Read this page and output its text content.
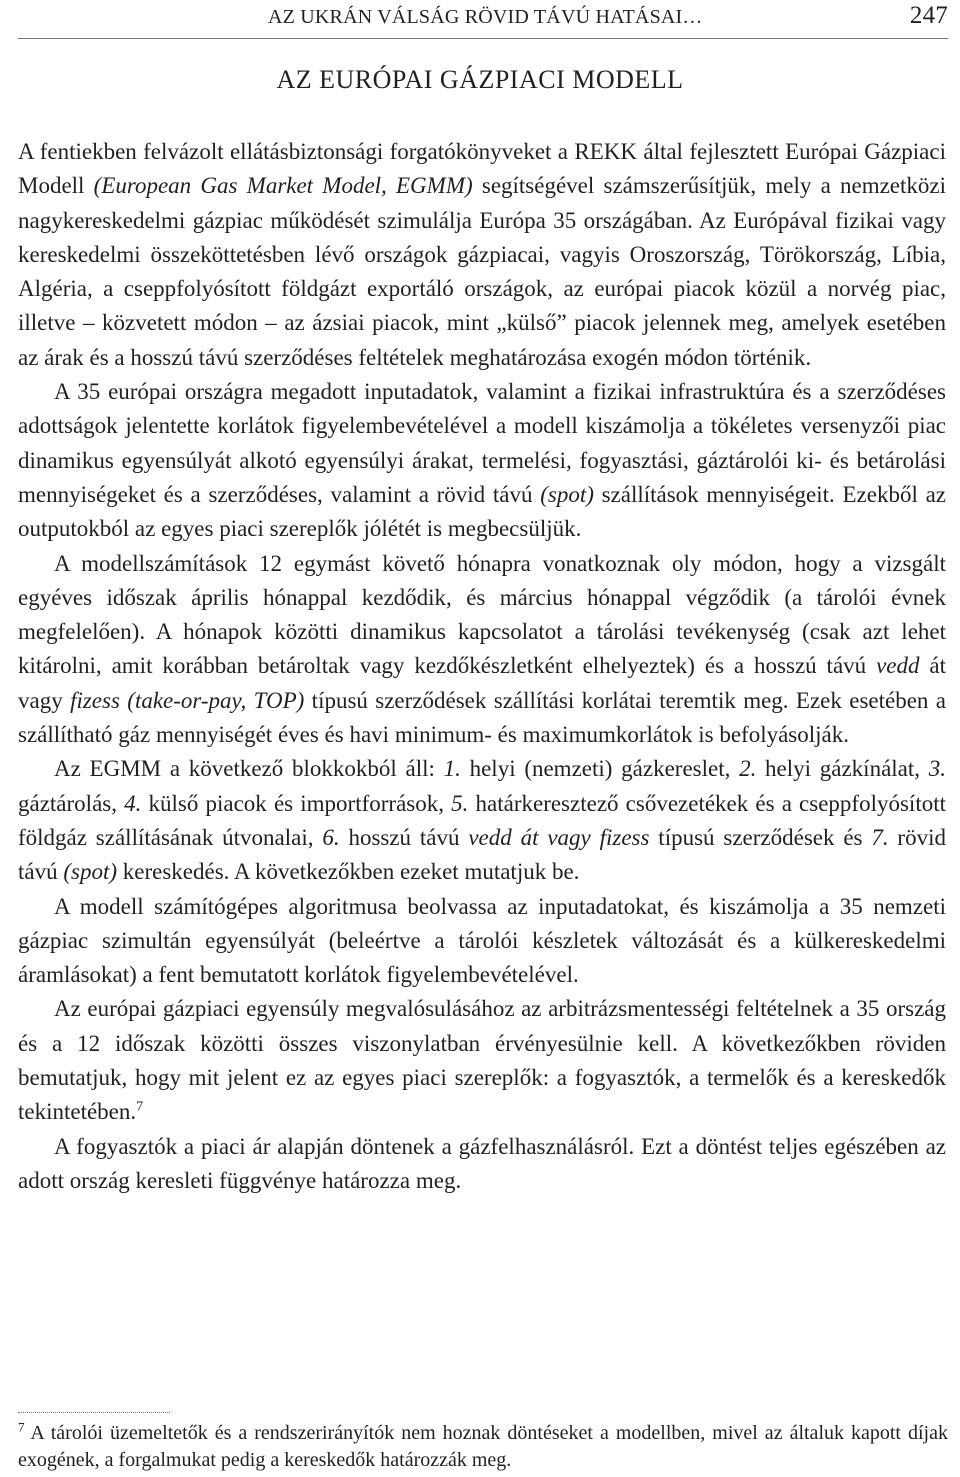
AZ UKRÁN VÁLSÁG RÖVID TÁVÚ HATÁSAI…	247
AZ EURÓPAI GÁZPIACI MODELL

A fentiekben felvázolt ellátásbiztonsági forgatókönyveket a REKK által fejlesztett Európai Gázpiaci Modell (European Gas Market Model, EGMM) segítségével számszerűsítjük, mely a nemzetközi nagykereskedelmi gázpiac működését szimulálja Európa 35 országában. Az Európával fizikai vagy kereskedelmi összeköttetésben lévő országok gázpiacai, vagyis Oroszország, Törökország, Líbia, Algéria, a cseppfolyósított földgázt exportáló országok, az európai piacok közül a norvég piac, illetve – közvetett módon – az ázsiai piacok, mint „külső” piacok jelennek meg, amelyek esetében az árak és a hosszú távú szerződéses feltételek meghatározása exogén módon történik.

A 35 európai országra megadott inputadatok, valamint a fizikai infrastruktúra és a szerződéses adottságok jelentette korlátok figyelembevételével a modell kiszámolja a tökéletes versenyzői piac dinamikus egyensúlyát alkotó egyensúlyi árakat, termelési, fogyasztási, gáztárolói ki- és betárolási mennyiségeket és a szerződéses, valamint a rövid távú (spot) szállítások mennyiségeit. Ezekből az outputokból az egyes piaci szereplők jólétét is megbecsüljük.

A modellszámítások 12 egymást követő hónapra vonatkoznak oly módon, hogy a vizsgált egyéves időszak április hónappal kezdődik, és március hónappal végződik (a tárolói évnek megfelelően). A hónapok közötti dinamikus kapcsolatot a tárolási tevékenység (csak azt lehet kitárolni, amit korábban betároltak vagy kezdőkészletként elhelyeztek) és a hosszú távú vedd át vagy fizess (take-or-pay, TOP) típusú szerződések szállítási korlátai teremtik meg. Ezek esetében a szállítható gáz mennyiségét éves és havi minimum- és maximumkorlátok is befolyásolják.

Az EGMM a következő blokkokból áll: 1. helyi (nemzeti) gázkereslet, 2. helyi gázkínálat, 3. gáztárolás, 4. külső piacok és importforrások, 5. határkeresztező csővezetékek és a cseppfolyósított földgáz szállításának útvonalai, 6. hosszú távú vedd át vagy fizess típusú szerződések és 7. rövid távú (spot) kereskedés. A következőkben ezeket mutatjuk be.

A modell számítógépes algoritmusa beolvassa az inputadatokat, és kiszámolja a 35 nemzeti gázpiac szimultán egyensúlyát (beleértve a tárolói készletek változását és a külkereskedelmi áramlásokat) a fent bemutatott korlátok figyelembevételével.

Az európai gázpiaci egyensúly megvalósulásához az arbitrázsmentességi feltételnek a 35 ország és a 12 időszak közötti összes viszonylatban érvényesülnie kell. A következőkben röviden bemutatjuk, hogy mit jelent ez az egyes piaci szereplők: a fogyasztók, a termelők és a kereskedők tekintetében.$^7$

A fogyasztók a piaci ár alapján döntenek a gázfelhasználásról. Ezt a döntést teljes egészében az adott ország keresleti függvénye határozza meg.

$^7$ A tárolói üzemeltetők és a rendszerirányítók nem hoznak döntéseket a modellben, mivel az általuk kapott díjak exogének, a forgalmukat pedig a kereskedők határozzák meg.
